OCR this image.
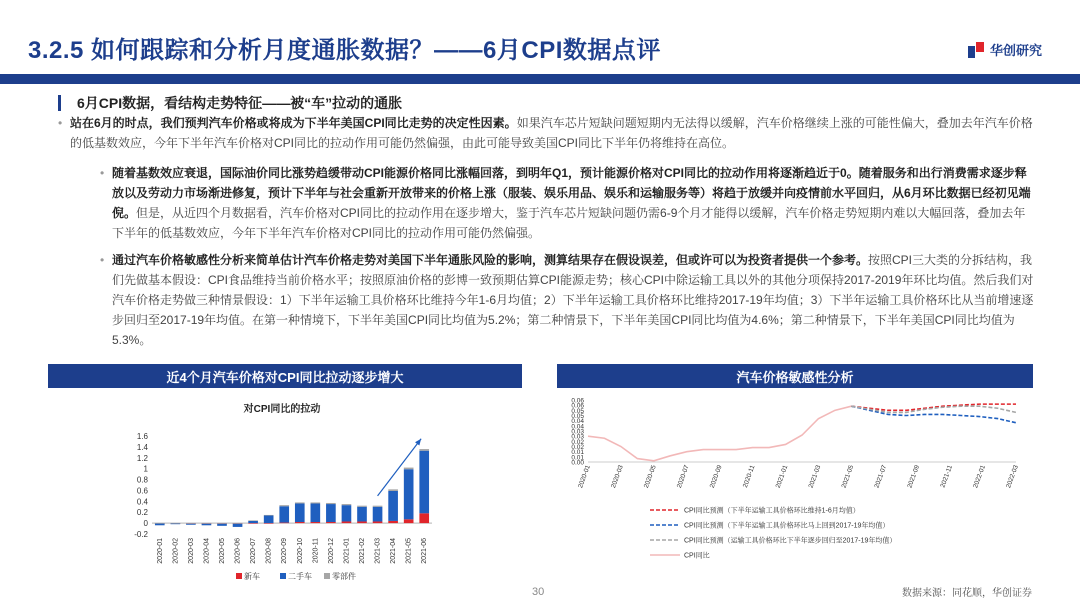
3.2.5 如何跟踪和分析月度通胀数据？——6月CPI数据点评	华创研究
6月CPI数据，看结构走势特征——被“车”拉动的通胀
• 站在6月的时点，我们预判汽车价格或将成为下半年美国CPI同比走势的决定性因素。如果汽车芯片短缺问题短期内无法得以缓解，汽车价格继续上涨的可能性偏大，叠加去年汽车价格的低基数效应，今年下半年汽车价格对CPI同比的拉动作用可能仍然偏强，由此可能导致美国CPI同比下半年仍将维持在高位。
• 随着基数效应衰退，国际油价同比涨势趋缓带动CPI能源价格同比涨幅回落，到明年Q1，预计能源价格对CPI同比的拉动作用将逐渐趋近于0。随着服务和出行消费需求逐步释放以及劳动力市场渐进修复，预计下半年与社会重新开放带来的价格上涨（服装、娱乐用品、娱乐和运输服务等）将趋于放缓并向疫情前水平回归，从6月环比数据已经初见端倪。但是，从近四个月数据看，汽车价格对CPI同比的拉动作用在逐步增大，鉴于汽车芯片短缺问题仍需6-9个月才能得以缓解，汽车价格走势短期内难以大幅回落，叠加去年下半年的低基数效应，今年下半年汽车价格对CPI同比的拉动作用可能仍然偏强。
• 通过汽车价格敏感性分析来简单估计汽车价格走势对美国下半年通胀风险的影响，测算结果存在假设误差，但或许可以为投资者提供一个参考。按照CPI三大类的分拆结构，我们先做基本假设：CPI食品维持当前价格水平；按照原油价格的彭博一致预期估算CPI能源走势；核心CPI中除运输工具以外的其他分项保持2017-2019年环比均值。然后我们对汽车价格走势做三种情景假设：1）下半年运输工具价格环比维持今年1-6月均值；2）下半年运输工具价格环比维持2017-19年均值；3）下半年运输工具价格环比从当前增速逐步回归至2017-19年均值。在第一种情境下，下半年美国CPI同比均值为5.2%；第二种情景下，下半年美国CPI同比均值为4.6%；第二种情景下，下半年美国CPI同比均值为5.3%。
近4个月汽车价格对CPI同比拉动逐步增大	汽车价格敏感性分析
对CPI同比的拉动
-0.2
0
0.2
0.4
0.6
0.8
1
1.2
1.4
1.6
2020-01 2020-02 2020-03 2020-04 2020-05 2020-06 2020-07 2020-08 2020-09 2020-10 2020-11 2020-12 2021-01 2021-02 2021-03 2021-04 2021-05 2021-06
新车	二手车	零部件
0.00
0.01
0.01
0.02
0.02
0.03
0.03
0.04
0.04
0.05
0.05
0.06
0.06
2020-01	2020-03	2020-05	2020-07	2020-09	2020-11	2021-01	2021-03	2021-05	2021-07	2021-09	2021-11	2022-01	2022-03
CPI同比预测（下半年运输工具价格环比维持1-6月均值）
CPI同比预测（下半年运输工具价格环比马上回到2017-19年均值）
CPI同比预测（运输工具价格环比下半年逐步回归至2017-19年均值）
CPI同比
30	数据来源：同花顺，华创证券
